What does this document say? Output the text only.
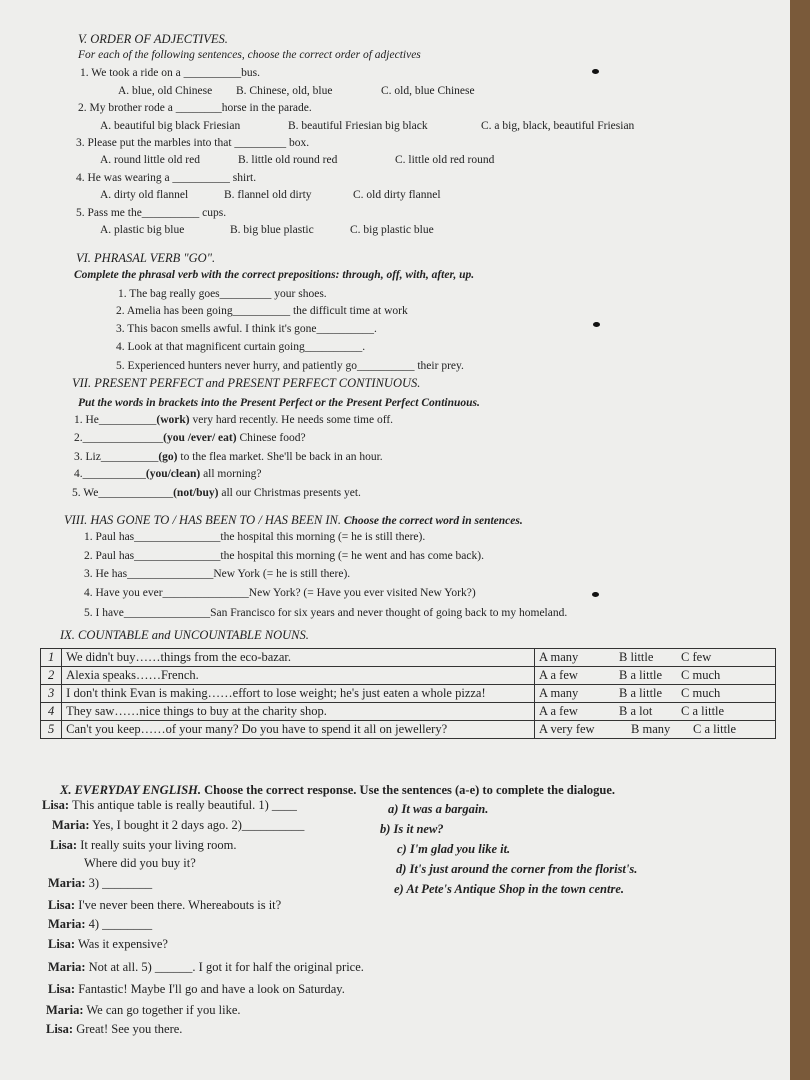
V. ORDER OF ADJECTIVES.
For each of the following sentences, choose the correct order of adjectives
1. We took a ride on a __________bus.
A. blue, old Chinese B. Chinese, old, blue	C. old, blue Chinese
2. My brother rode a ________horse in the parade.
A. beautiful big black Friesian	B. beautiful Friesian big black	C. a big, black, beautiful Friesian
3. Please put the marbles into that _________ box.
A. round little old red	B. little old round red	C. little old red round
4. He was wearing a __________ shirt.
A. dirty old flannel	B. flannel old dirty	C. old dirty flannel
5. Pass me the__________ cups.
A. plastic big blue	B. big blue plastic	C. big plastic blue
VI. PHRASAL VERB "GO".
Complete the phrasal verb with the correct prepositions: through, off, with, after, up.
1. The bag really goes_________ your shoes.
2. Amelia has been going__________ the difficult time at work
3. This bacon smells awful. I think it's gone__________.
4. Look at that magnificent curtain going__________.
5. Experienced hunters never hurry, and patiently go__________ their prey.
VII. PRESENT PERFECT and PRESENT PERFECT CONTINUOUS.
Put the words in brackets into the Present Perfect or the Present Perfect Continuous.
1. He__________(work) very hard recently. He needs some time off.
2.______________(you /ever/ eat) Chinese food?
3. Liz__________(go) to the flea market. She'll be back in an hour.
4.___________(you/clean) all morning?
5. We_____________(not/buy) all our Christmas presents yet.
VIII. HAS GONE TO / HAS BEEN TO / HAS BEEN IN. Choose the correct word in sentences.
1. Paul has_______________the hospital this morning (= he is still there).
2. Paul has_______________the hospital this morning (= he went and has come back).
3. He has_______________New York (= he is still there).
4. Have you ever_______________New York? (= Have you ever visited New York?)
5. I have_______________San Francisco for six years and never thought of going back to my homeland.
IX. COUNTABLE and UNCOUNTABLE NOUNS.
1	We didn't buy……things from the eco-bazar.	A many B little C few
2	Alexia speaks……French.	A a few B a little C much
3	I don't think Evan is making……effort to lose weight; he's just eaten a whole pizza!	A many B a little C much
4	They saw……nice things to buy at the charity shop.	A a few B a lot C a little
5	Can't you keep……of your many? Do you have to spend it all on jewellery?	A very few B many C a little
X. EVERYDAY ENGLISH. Choose the correct response. Use the sentences (a-e) to complete the dialogue.
Lisa: This antique table is really beautiful. 1) ____
Maria: Yes, I bought it 2 days ago. 2)__________
Lisa: It really suits your living room.
Where did you buy it?
Maria: 3) ________
Lisa: I've never been there. Whereabouts is it?
Maria: 4) ________
Lisa: Was it expensive?
Maria: Not at all. 5) ______. I got it for half the original price.
Lisa: Fantastic! Maybe I'll go and have a look on Saturday.
Maria: We can go together if you like.
Lisa: Great! See you there.
a) It was a bargain.
b) Is it new?
c) I'm glad you like it.
d) It's just around the corner from the florist's.
e) At Pete's Antique Shop in the town centre.
